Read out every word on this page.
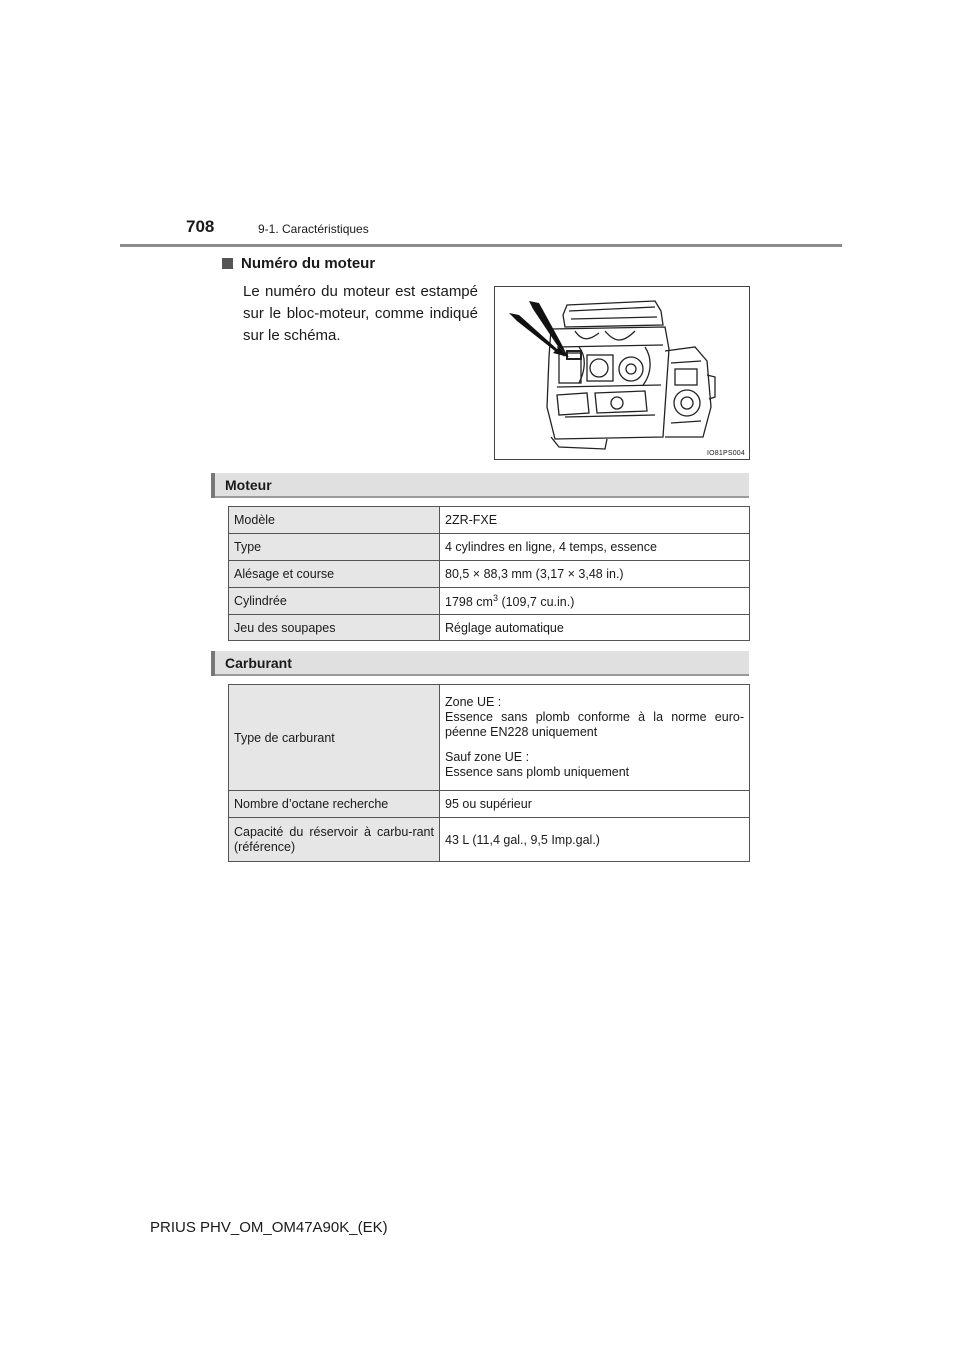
708	9-1. Caractéristiques
Numéro du moteur
Le numéro du moteur est estampé sur le bloc-moteur, comme indiqué sur le schéma.
IO81PS004
Moteur
Modèle	2ZR-FXE
Type	4 cylindres en ligne, 4 temps, essence
Alésage et course	80,5 × 88,3 mm (3,17 × 3,48 in.)
Cylindrée	1798 $cm^3$ (109,7 cu.in.)
Jeu des soupapes	Réglage automatique
Carburant
Type de carburant	Zone UE :

Essence sans plomb conforme à la norme euro-péenne EN228 uniquement

Sauf zone UE :

Essence sans plomb uniquement

Nombre d’octane recherche	95 ou supérieur
Capacité du réservoir à carbu-rant (référence)	43 L (11,4 gal., 9,5 Imp.gal.)
PRIUS PHV_OM_OM47A90K_(EK)
